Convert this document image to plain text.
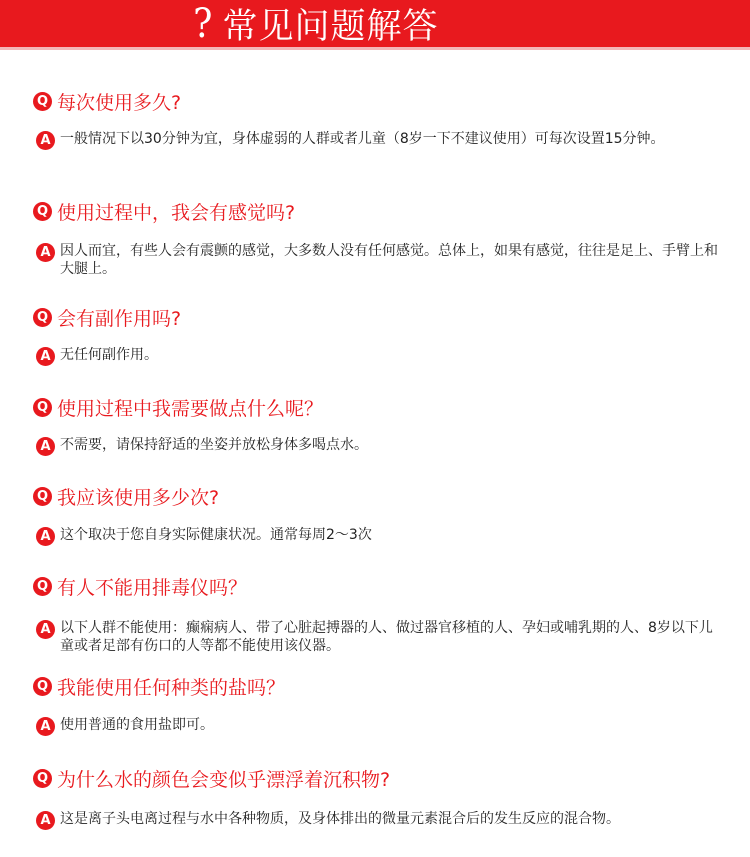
? 常见问题解答
Q 每次使用多久?
A 一般情况下以30分钟为宜，身体虚弱的人群或者儿童（8岁一下不建议使用）可每次设置15分钟。
Q 使用过程中，我会有感觉吗?
A 因人而宜，有些人会有震颤的感觉，大多数人没有任何感觉。总体上，如果有感觉，往往是足上、手臂上和大腿上。
Q 会有副作用吗?
A 无任何副作用。
Q 使用过程中我需要做点什么呢？
A 不需要，请保持舒适的坐姿并放松身体多喝点水。
Q 我应该使用多少次?
A 这个取决于您自身实际健康状况。通常每周2～3次
Q 有人不能用排毒仪吗？
A 以下人群不能使用：癫痫病人、带了心脏起搏器的人、做过器官移植的人、孕妇或哺乳期的人、8岁以下儿童或者足部有伤口的人等都不能使用该仪器。
Q 我能使用任何种类的盐吗？
A 使用普通的食用盐即可。
Q 为什么水的颜色会变似乎漂浮着沉积物?
A 这是离子头电离过程与水中各种物质，及身体排出的微量元素混合后的发生反应的混合物。
